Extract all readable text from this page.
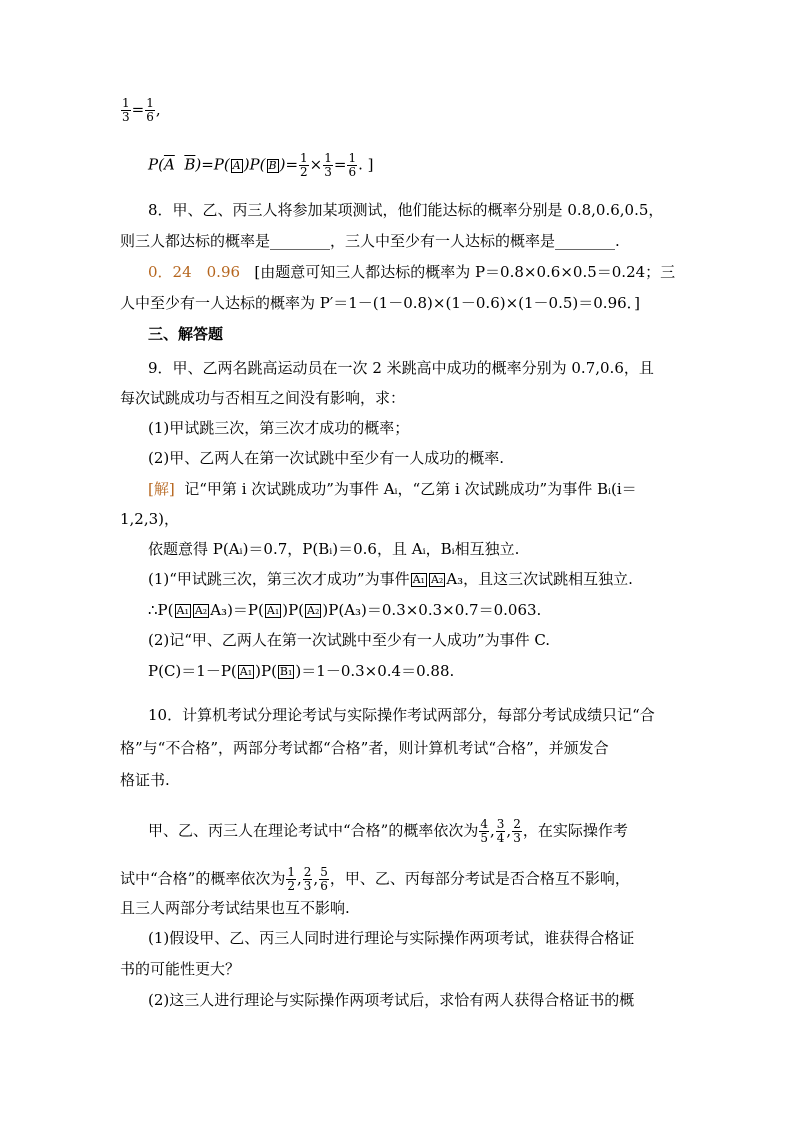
$\frac{1}{3} = \frac{1}{6}$ ,
$P(\overline{A}$ $\overline{B})=P$( A )P( B )= $\frac{1}{2} \times \frac{1}{3} = \frac{1}{6}$ . ]
8．甲、乙、丙三人将参加某项测试，他们能达标的概率分别是 0.8,0.6,0.5，
则三人都达标的概率是________，三人中至少有一人达标的概率是________.
0．24　0.96 [由题意可知三人都达标的概率为 P＝0.8×0.6×0.5＝0.24；三
人中至少有一人达标的概率为 P′＝1－(1－0.8)×(1－0.6)×(1－0.5)＝0.96．]
三、解答题
9．甲、乙两名跳高运动员在一次 2 米跳高中成功的概率分别为 0.7,0.6，且
每次试跳成功与否相互之间没有影响，求：
(1)甲试跳三次，第三次才成功的概率；
(2)甲、乙两人在第一次试跳中至少有一人成功的概率.
[解] 记“甲第 i 次试跳成功”为事件 Aᵢ，“乙第 i 次试跳成功”为事件 Bᵢ(i＝
1,2,3)，
依题意得 P(Aᵢ)＝0.7，P(Bᵢ)＝0.6，且 Aᵢ，Bᵢ相互独立.
(1)“甲试跳三次，第三次才成功”为事件 A₁ A₂ A₃，且这三次试跳相互独立.
∴P( A₁ A₂ A₃)＝P( A₁ )P( A₂ )P(A₃)＝0.3×0.3×0.7＝0.063.
(2)记“甲、乙两人在第一次试跳中至少有一人成功”为事件 C.
P(C)＝1－P( A₁ )P( B₁ )＝1－0.3×0.4＝0.88.
10．计算机考试分理论考试与实际操作考试两部分，每部分考试成绩只记“合
格”与“不合格”，两部分考试都“合格”者，则计算机考试“合格”，并颁发合
格证书.
甲、乙、丙三人在理论考试中“合格”的概率依次为 $\frac{4}{5}$ , $\frac{3}{4}$ , $\frac{2}{3}$ ，在实际操作考
试中“合格”的概率依次为 $\frac{1}{2}$ , $\frac{2}{3}$ , $\frac{5}{6}$ ，甲、乙、丙每部分考试是否合格互不影响，
且三人两部分考试结果也互不影响.
(1)假设甲、乙、丙三人同时进行理论与实际操作两项考试，谁获得合格证
书的可能性更大？
(2)这三人进行理论与实际操作两项考试后，求恰有两人获得合格证书的概
